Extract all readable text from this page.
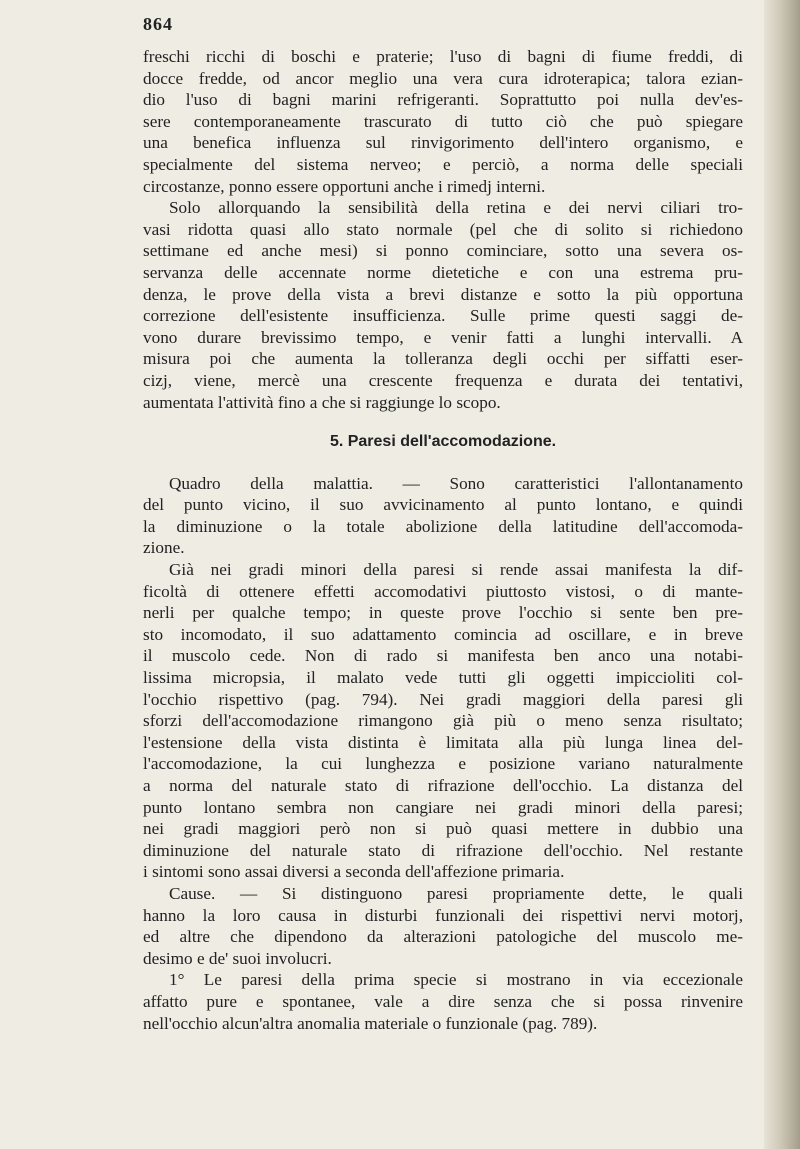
864
freschi ricchi di boschi e praterie; l'uso di bagni di fiume freddi, di
docce fredde, od ancor meglio una vera cura idroterapica; talora ezian-
dio l'uso di bagni marini refrigeranti. Soprattutto poi nulla dev'es-
sere contemporaneamente trascurato di tutto ciò che può spiegare
una benefica influenza sul rinvigorimento dell'intero organismo, e
specialmente del sistema nerveo; e perciò, a norma delle speciali
circostanze, ponno essere opportuni anche i rimedj interni.
Solo allorquando la sensibilità della retina e dei nervi ciliari tro-
vasi ridotta quasi allo stato normale (pel che di solito si richiedono
settimane ed anche mesi) si ponno cominciare, sotto una severa os-
servanza delle accennate norme dietetiche e con una estrema pru-
denza, le prove della vista a brevi distanze e sotto la più opportuna
correzione dell'esistente insufficienza. Sulle prime questi saggi de-
vono durare brevissimo tempo, e venir fatti a lunghi intervalli. A
misura poi che aumenta la tolleranza degli occhi per siffatti eser-
cizj, viene, mercè una crescente frequenza e durata dei tentativi,
aumentata l'attività fino a che si raggiunge lo scopo.
5. Paresi dell'accomodazione.
Quadro della malattia. — Sono caratteristici l'allontanamento
del punto vicino, il suo avvicinamento al punto lontano, e quindi
la diminuzione o la totale abolizione della latitudine dell'accomoda-
zione.
Già nei gradi minori della paresi si rende assai manifesta la dif-
ficoltà di ottenere effetti accomodativi piuttosto vistosi, o di mante-
nerli per qualche tempo; in queste prove l'occhio si sente ben pre-
sto incomodato, il suo adattamento comincia ad oscillare, e in breve
il muscolo cede. Non di rado si manifesta ben anco una notabi-
lissima micropsia, il malato vede tutti gli oggetti impiccioliti col-
l'occhio rispettivo (pag. 794). Nei gradi maggiori della paresi gli
sforzi dell'accomodazione rimangono già più o meno senza risultato;
l'estensione della vista distinta è limitata alla più lunga linea del-
l'accomodazione, la cui lunghezza e posizione variano naturalmente
a norma del naturale stato di rifrazione dell'occhio. La distanza del
punto lontano sembra non cangiare nei gradi minori della paresi;
nei gradi maggiori però non si può quasi mettere in dubbio una
diminuzione del naturale stato di rifrazione dell'occhio. Nel restante
i sintomi sono assai diversi a seconda dell'affezione primaria.
Cause. — Si distinguono paresi propriamente dette, le quali
hanno la loro causa in disturbi funzionali dei rispettivi nervi motorj,
ed altre che dipendono da alterazioni patologiche del muscolo me-
desimo e de' suoi involucri.
1° Le paresi della prima specie si mostrano in via eccezionale
affatto pure e spontanee, vale a dire senza che si possa rinvenire
nell'occhio alcun'altra anomalia materiale o funzionale (pag. 789).
